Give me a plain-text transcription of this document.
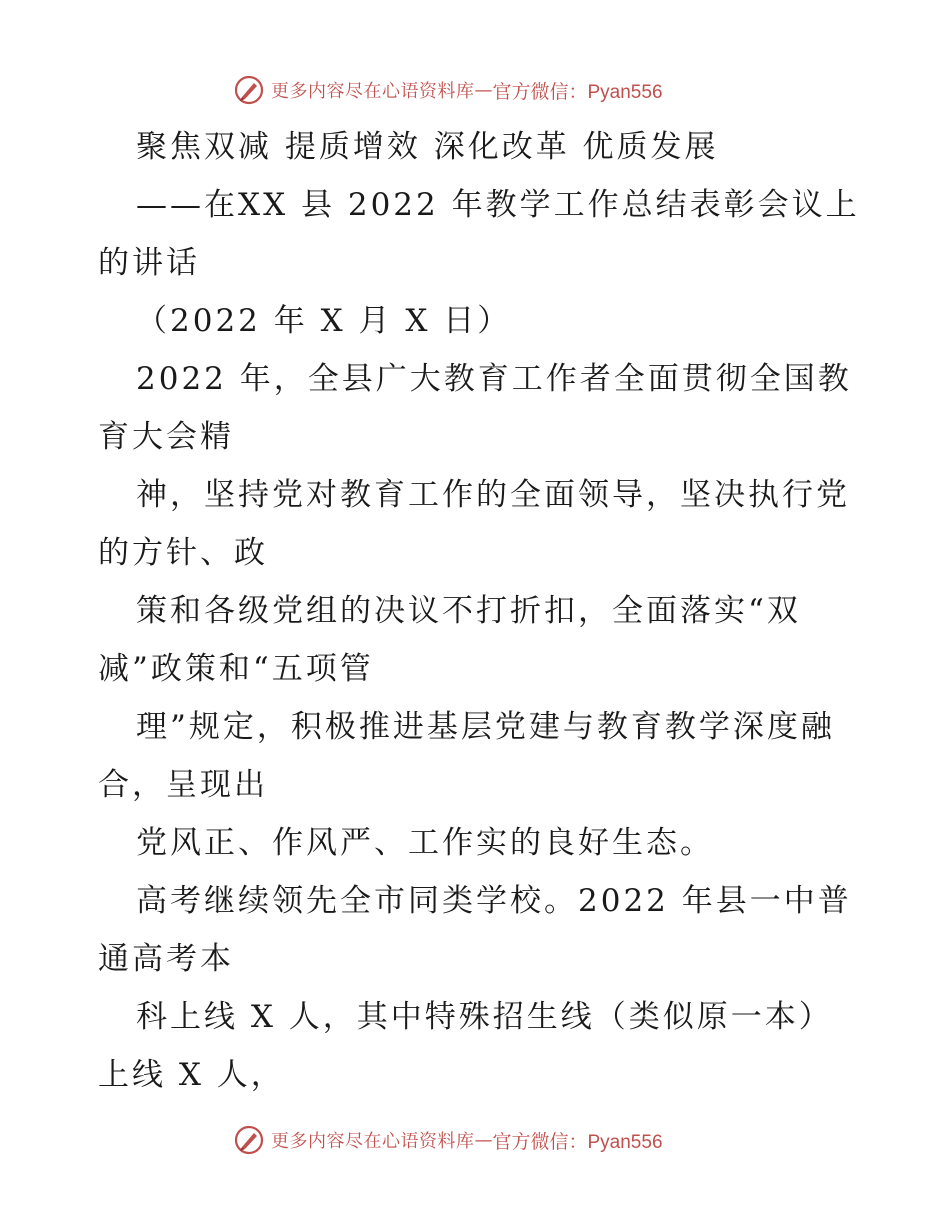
更多内容尽在心语资料库 — 官方微信：Pyan556
聚焦双减 提质增效 深化改革 优质发展
——在XX 县 2022 年教学工作总结表彰会议上
的讲话
（2022 年 X 月 X 日）
2022 年，全县广大教育工作者全面贯彻全国教
育大会精
神，坚持党对教育工作的全面领导，坚决执行党
的方针、政
策和各级党组的决议不打折扣，全面落实“双
减”政策和“五项管
理”规定，积极推进基层党建与教育教学深度融
合，呈现出
党风正、作风严、工作实的良好生态。
高考继续领先全市同类学校。2022 年县一中普
通高考本
科上线 X 人，其中特殊招生线（类似原一本）
上线 X 人，
更多内容尽在心语资料库 — 官方微信：Pyan556
